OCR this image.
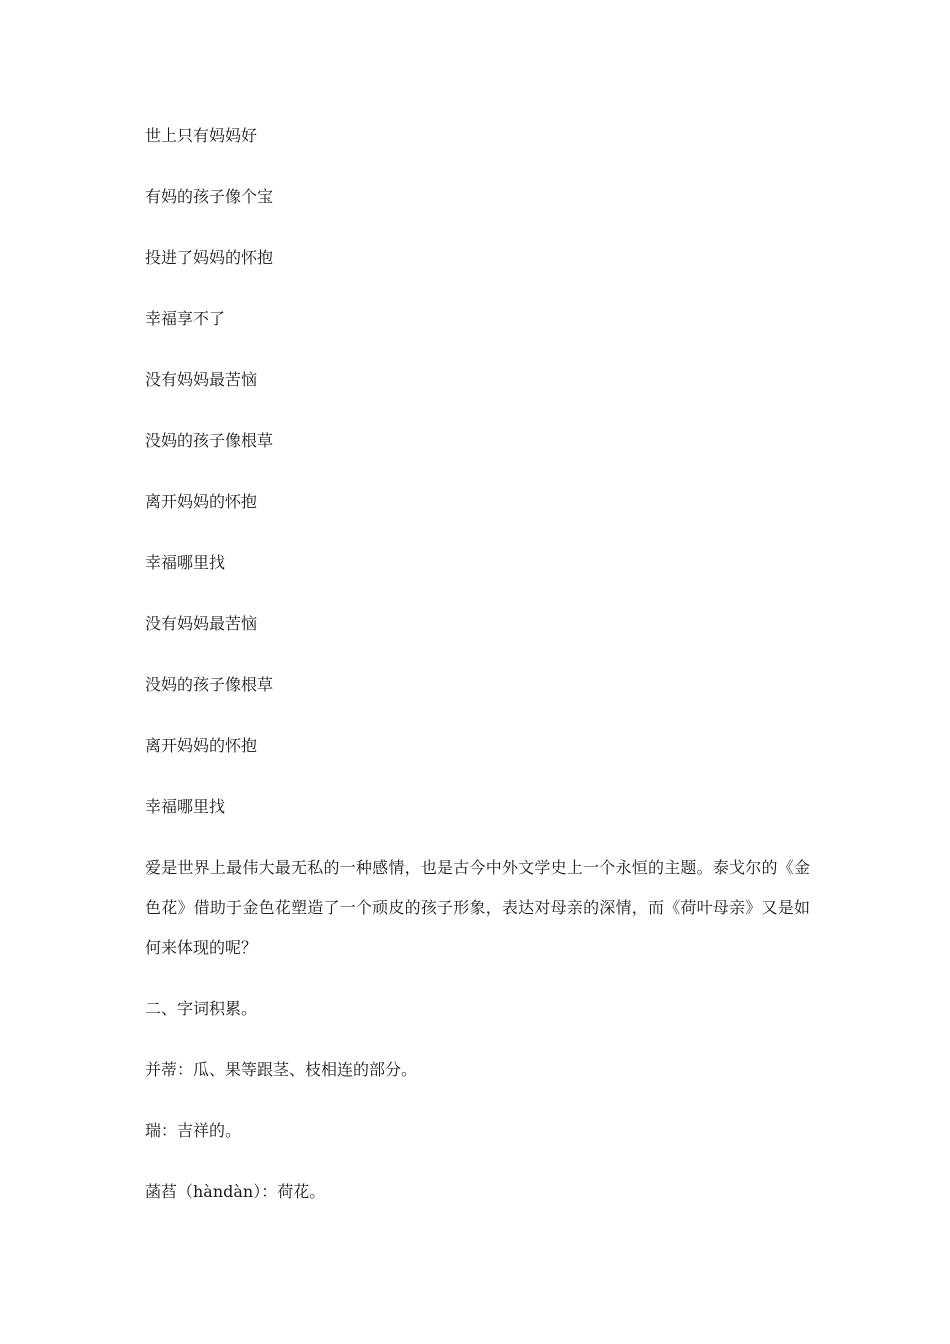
世上只有妈妈好
有妈的孩子像个宝
投进了妈妈的怀抱
幸福享不了
没有妈妈最苦恼
没妈的孩子像根草
离开妈妈的怀抱
幸福哪里找
没有妈妈最苦恼
没妈的孩子像根草
离开妈妈的怀抱
幸福哪里找
爱是世界上最伟大最无私的一种感情，也是古今中外文学史上一个永恒的主题。泰戈尔的《金色花》借助于金色花塑造了一个顽皮的孩子形象，表达对母亲的深情，而《荷叶母亲》又是如何来体现的呢？
二、字词积累。
并蒂：瓜、果等跟茎、枝相连的部分。
瑞：吉祥的。
菡萏（hàndàn）：荷花。
